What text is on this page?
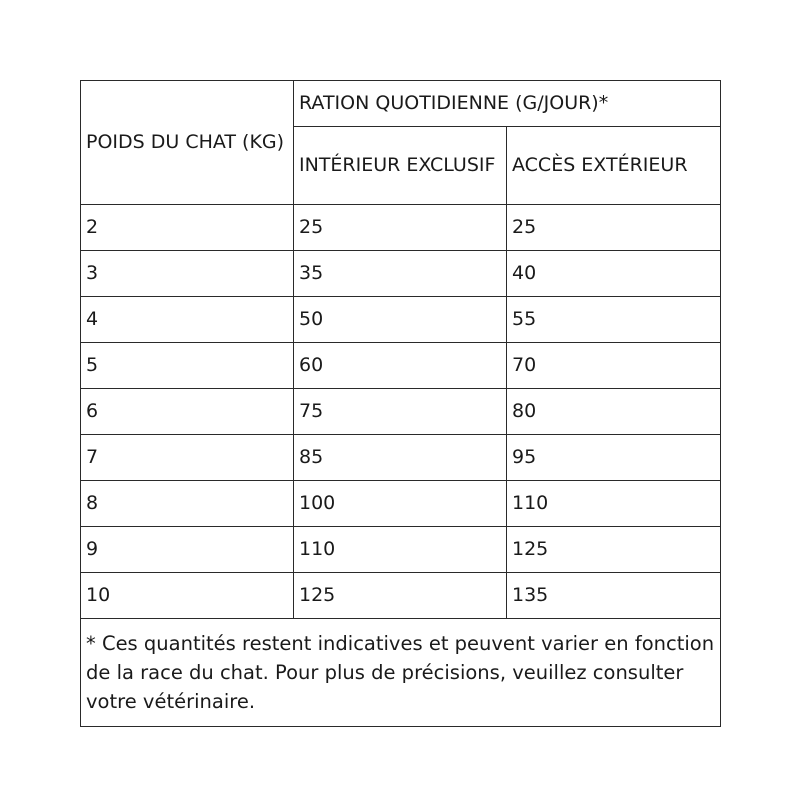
POIDS DU CHAT (KG)	RATION QUOTIDIENNE (G/JOUR)*	
	INTÉRIEUR EXCLUSIF	ACCÈS EXTÉRIEUR
2	25	25
3	35	40
4	50	55
5	60	70
6	75	80
7	85	95
8	100	110
9	110	125
10	125	135
* Ces quantités restent indicatives et peuvent varier en fonction de la race du chat. Pour plus de précisions, veuillez consulter votre vétérinaire.		
